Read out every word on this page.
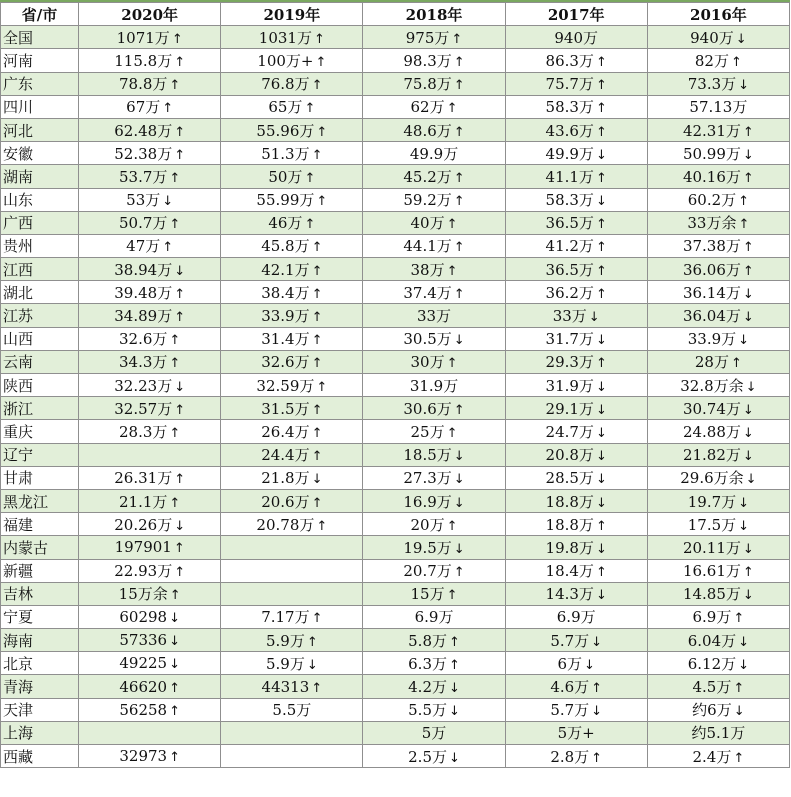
省/市	2020年	2019年	2018年	2017年	2016年
全国	1071万 ↑	1031万 ↑	975万 ↑	940万	940万 ↓
河南	115.8万 ↑	100万+ ↑	98.3万 ↑	86.3万 ↑	82万 ↑
广东	78.8万 ↑	76.8万 ↑	75.8万 ↑	75.7万 ↑	73.3万 ↓
四川	67万 ↑	65万 ↑	62万 ↑	58.3万 ↑	57.13万
河北	62.48万 ↑	55.96万 ↑	48.6万 ↑	43.6万 ↑	42.31万 ↑
安徽	52.38万 ↑	51.3万 ↑	49.9万	49.9万 ↓	50.99万 ↓
湖南	53.7万 ↑	50万 ↑	45.2万 ↑	41.1万 ↑	40.16万 ↑
山东	53万 ↓	55.99万 ↑	59.2万 ↑	58.3万 ↓	60.2万 ↑
广西	50.7万 ↑	46万 ↑	40万 ↑	36.5万 ↑	33万余 ↑
贵州	47万 ↑	45.8万 ↑	44.1万 ↑	41.2万 ↑	37.38万 ↑
江西	38.94万 ↓	42.1万 ↑	38万 ↑	36.5万 ↑	36.06万 ↑
湖北	39.48万 ↑	38.4万 ↑	37.4万 ↑	36.2万 ↑	36.14万 ↓
江苏	34.89万 ↑	33.9万 ↑	33万	33万 ↓	36.04万 ↓
山西	32.6万 ↑	31.4万 ↑	30.5万 ↓	31.7万 ↓	33.9万 ↓
云南	34.3万 ↑	32.6万 ↑	30万 ↑	29.3万 ↑	28万 ↑
陕西	32.23万 ↓	32.59万 ↑	31.9万	31.9万 ↓	32.8万余 ↓
浙江	32.57万 ↑	31.5万 ↑	30.6万 ↑	29.1万 ↓	30.74万 ↓
重庆	28.3万 ↑	26.4万 ↑	25万 ↑	24.7万 ↓	24.88万 ↓
辽宁		24.4万 ↑	18.5万 ↓	20.8万 ↓	21.82万 ↓
甘肃	26.31万 ↑	21.8万 ↓	27.3万 ↓	28.5万 ↓	29.6万余 ↓
黑龙江	21.1万 ↑	20.6万 ↑	16.9万 ↓	18.8万 ↓	19.7万 ↓
福建	20.26万 ↓	20.78万 ↑	20万 ↑	18.8万 ↑	17.5万 ↓
内蒙古	197901 ↑		19.5万 ↓	19.8万 ↓	20.11万 ↓
新疆	22.93万 ↑		20.7万 ↑	18.4万 ↑	16.61万 ↑
吉林	15万余 ↑		15万 ↑	14.3万 ↓	14.85万 ↓
宁夏	60298 ↓	7.17万 ↑	6.9万	6.9万	6.9万 ↑
海南	57336 ↓	5.9万 ↑	5.8万 ↑	5.7万 ↓	6.04万 ↓
北京	49225 ↓	5.9万 ↓	6.3万 ↑	6万 ↓	6.12万 ↓
青海	46620 ↑	44313 ↑	4.2万 ↓	4.6万 ↑	4.5万 ↑
天津	56258 ↑	5.5万	5.5万 ↓	5.7万 ↓	约6万 ↓
上海			5万	5万+	约5.1万
西藏	32973 ↑		2.5万 ↓	2.8万 ↑	2.4万 ↑
